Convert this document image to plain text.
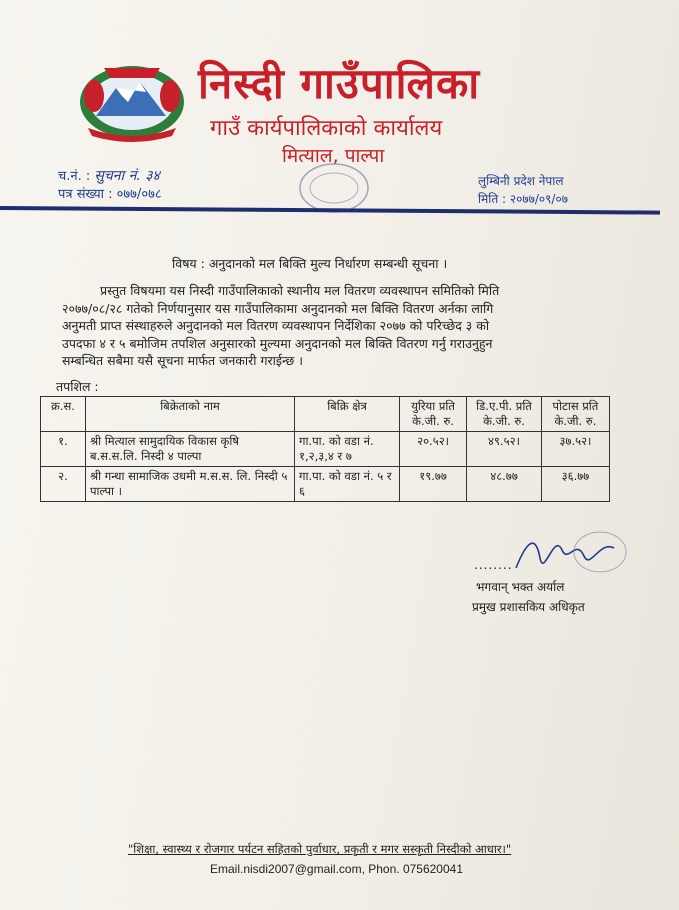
निस्दी गाउँपालिका
गाउँ कार्यपालिकाको कार्यालय
मित्याल, पाल्पा
च.नं. : सुचना नं. ३४
पत्र संख्या : ०७७/०७८
लुम्बिनी प्रदेश नेपाल
मिति : २०७७/०९/०७
विषय : अनुदानको मल बिक्ति मुल्य निर्धारण सम्बन्धी सूचना ।
प्रस्तुत विषयमा यस निस्दी गाउँपालिकाको स्थानीय मल वितरण व्यवस्थापन समितिको मिति
२०७७/०८/२८ गतेको निर्णयानुसार यस गाउँपालिकामा अनुदानको मल बिक्ति वितरण अर्नका लागि
अनुमती प्राप्त संस्थाहरुले अनुदानको मल वितरण व्यवस्थापन निर्देशिका २०७७ को परिच्छेद ३ को
उपदफा ४ र ५ बमोजिम तपशिल अनुसारको मुल्यमा अनुदानको मल बिक्ति वितरण गर्नु गराउनुहुन
सम्बन्धित सबैमा यसै सूचना मार्फत जनकारी गराईन्छ ।
तपशिल :
क्र.स.	बिक्रेताको नाम	बिक्रि क्षेत्र	युरिया प्रति के.जी. रु.	डि.ए.पी. प्रति के.जी. रु.	पोटास प्रति के.जी. रु.
१.	श्री मित्याल सामुदायिक विकास कृषि ब.स.स.लि. निस्दी ४ पाल्पा	गा.पा. को वडा नं. १,२,३,४ र ७	२०.५२।	४९.५२।	३७.५२।
२.	श्री गन्धा सामाजिक उधमी म.स.स. लि. निस्दी ५ पाल्पा ।	गा.पा. को वडा नं. ५ र ६	१९.७७	४८.७७	३६.७७
........
भगवान्‌ भक्त अर्याल
प्रमुख प्रशासकिय अधिकृत
"शिक्षा, स्वास्थ्य र रोजगार पर्यटन सहितको पुर्वाधार, प्रकृती र मगर सस्कृती निस्दीको आधार।"
Email.nisdi2007@gmail.com, Phon. 075620041
